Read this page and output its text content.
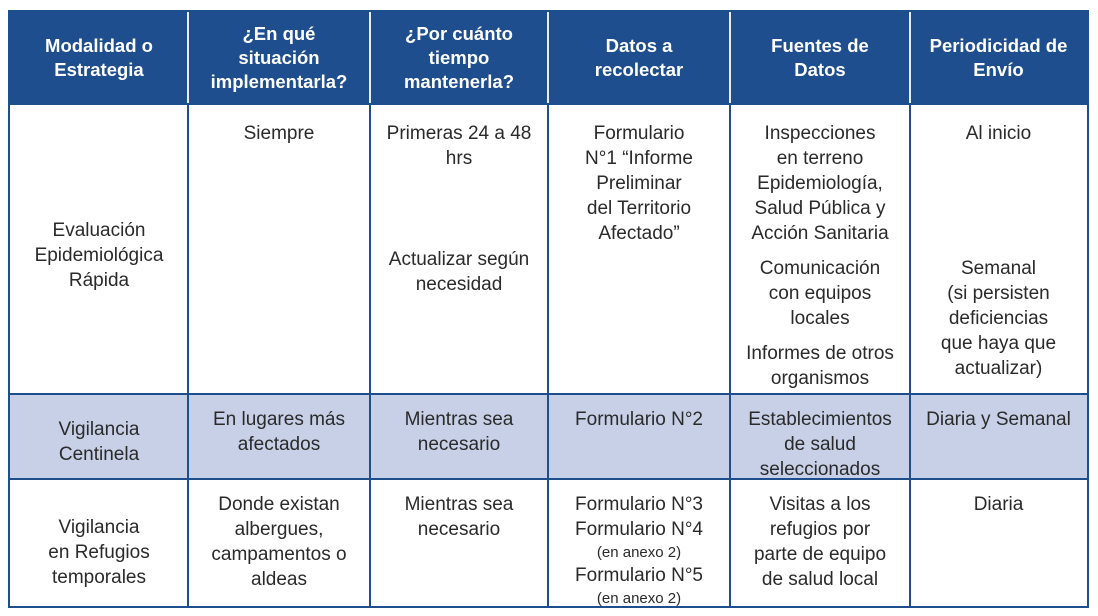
Modalidad o
Estrategia
¿En qué
situación
implementarla?
¿Por cuánto
tiempo
mantenerla?
Datos a
recolectar
Fuentes de
Datos
Periodicidad de
Envío
Evaluación
Epidemiológica
Rápida
Siempre	Primeras 24 a 48
hrs
Actualizar según
necesidad
Formulario
N°1 “Informe
Preliminar
del Territorio
Afectado”
Inspecciones
en terreno
Epidemiología,
Salud Pública y
Acción Sanitaria
Comunicación
con equipos
locales
Informes de otros
organismos
Al inicio
Semanal
(si persisten
deficiencias
que haya que
actualizar)
Vigilancia
Centinela
En lugares más
afectados
Mientras sea
necesario
Formulario N°2	Establecimientos
de salud
seleccionados
Diaria y Semanal
Vigilancia
en Refugios
temporales
Donde existan
albergues,
campamentos o
aldeas
Mientras sea
necesario
Formulario N°3
Formulario N°4
(en anexo 2)
Formulario N°5
(en anexo 2)
Visitas a los
refugios por
parte de equipo
de salud local
Diaria
